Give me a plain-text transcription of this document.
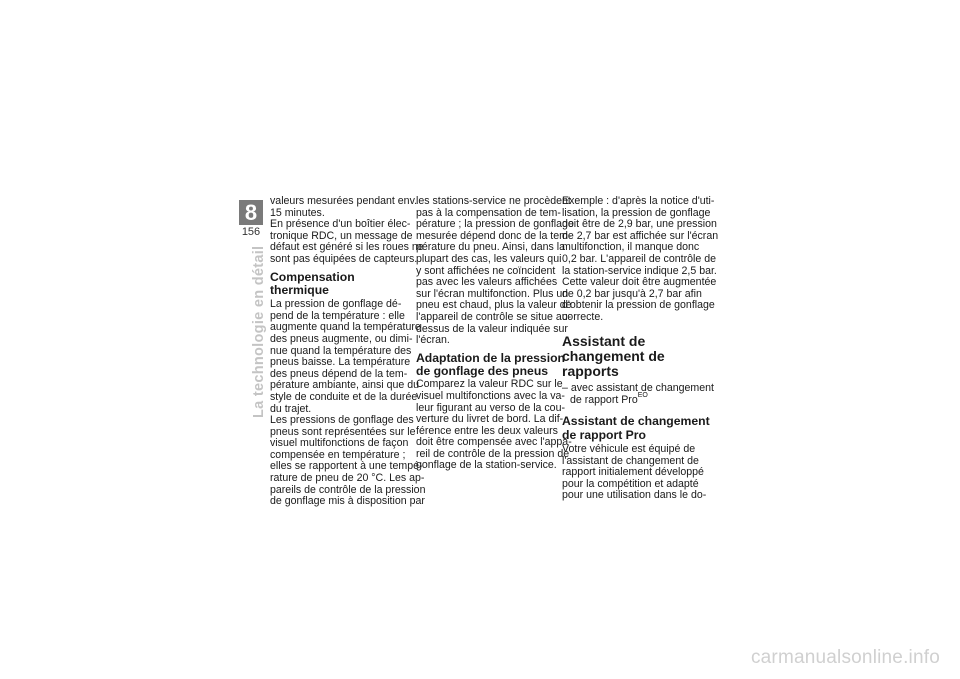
8
156
La technologie en détail

valeurs mesurées pendant env.
15 minutes.
En présence d'un boîtier élec-
tronique RDC, un message de
défaut est généré si les roues ne
sont pas équipées de capteurs.

Compensation thermique

La pression de gonflage dé-
pend de la température : elle
augmente quand la température
des pneus augmente, ou dimi-
nue quand la température des
pneus baisse. La température
des pneus dépend de la tem-
pérature ambiante, ainsi que du
style de conduite et de la durée
du trajet.
Les pressions de gonflage des
pneus sont représentées sur le
visuel multifonctions de façon
compensée en température ;
elles se rapportent à une tempé-
rature de pneu de 20 °C. Les ap-
pareils de contrôle de la pression
de gonflage mis à disposition par

les stations-service ne procèdent
pas à la compensation de tem-
pérature ; la pression de gonflage
mesurée dépend donc de la tem-
pérature du pneu. Ainsi, dans la
plupart des cas, les valeurs qui
y sont affichées ne coïncident
pas avec les valeurs affichées
sur l'écran multifonction. Plus un
pneu est chaud, plus la valeur de
l'appareil de contrôle se situe au-
dessus de la valeur indiquée sur
l'écran.

Adaptation de la pression
de gonflage des pneus

Comparez la valeur RDC sur le
visuel multifonctions avec la va-
leur figurant au verso de la cou-
verture du livret de bord. La dif-
férence entre les deux valeurs
doit être compensée avec l'appa-
reil de contrôle de la pression de
gonflage de la station-service.

Exemple : d'après la notice d'uti-
lisation, la pression de gonflage
doit être de 2,9 bar, une pression
de 2,7 bar est affichée sur l'écran
multifonction, il manque donc
0,2 bar. L'appareil de contrôle de
la station-service indique 2,5 bar.
Cette valeur doit être augmentée
de 0,2 bar jusqu'à 2,7 bar afin
d'obtenir la pression de gonflage
correcte.

Assistant de
changement de
rapports

– avec assistant de changement
de rapport Pro$^{EO}$

Assistant de changement
de rapport Pro

Votre véhicule est équipé de
l'assistant de changement de
rapport initialement développé
pour la compétition et adapté
pour une utilisation dans le do-

carmanualsonline.info
